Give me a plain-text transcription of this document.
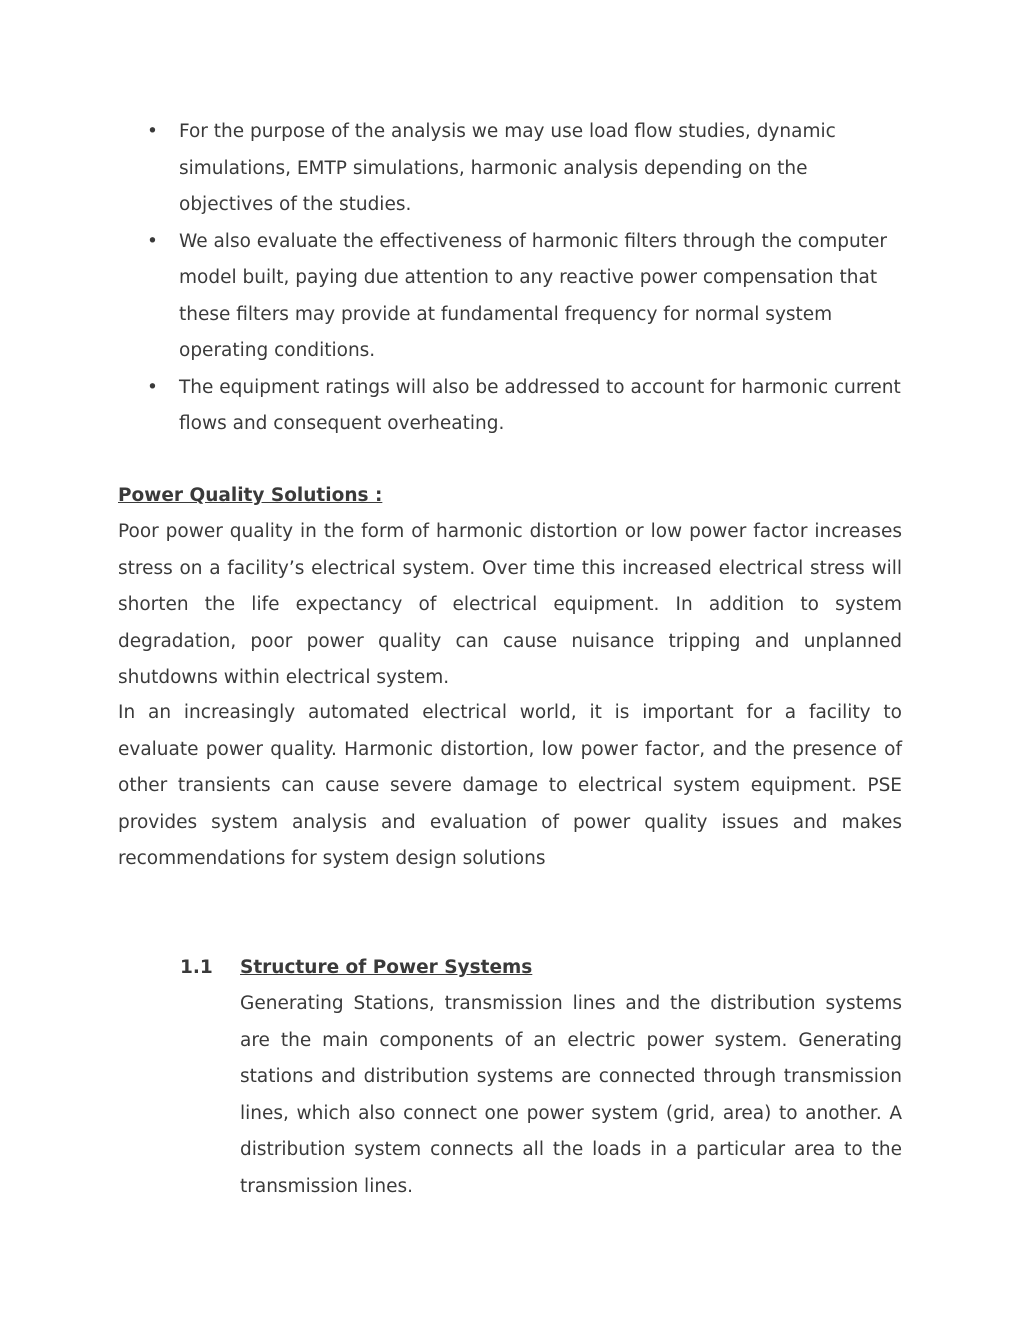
• For the purpose of the analysis we may use load flow studies, dynamic simulations, EMTP simulations, harmonic analysis depending on the objectives of the studies.
• We also evaluate the effectiveness of harmonic filters through the computer model built, paying due attention to any reactive power compensation that these filters may provide at fundamental frequency for normal system operating conditions.
• The equipment ratings will also be addressed to account for harmonic current flows and consequent overheating.
Power Quality Solutions :

Poor power quality in the form of harmonic distortion or low power factor increases stress on a facility’s electrical system. Over time this increased electrical stress will shorten the life expectancy of electrical equipment. In addition to system degradation, poor power quality can cause nuisance tripping and unplanned shutdowns within electrical system.

In an increasingly automated electrical world, it is important for a facility to evaluate power quality. Harmonic distortion, low power factor, and the presence of other transients can cause severe damage to electrical system equipment. PSE provides system analysis and evaluation of power quality issues and makes recommendations for system design solutions

1.1 Structure of Power Systems

Generating Stations, transmission lines and the distribution systems are the main components of an electric power system. Generating stations and distribution systems are connected through transmission lines, which also connect one power system (grid, area) to another. A distribution system connects all the loads in a particular area to the transmission lines.
